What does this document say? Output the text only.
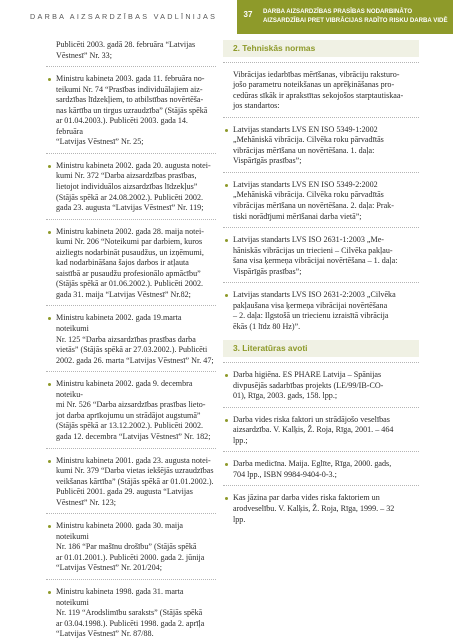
DARBA AIZSARDZĪBAS VADLĪNIJAS	37	DARBA AIZSARDZĪBAS PRASĪBAS NODARBINĀTO
AIZSARDZĪBAI PRET VIBRĀCIJAS RADĪTO RISKU DARBA VIDĒ
Publicēti 2003. gadā 28. februāra “Latvijas
Vēstnesī” Nr. 33;
Ministru kabineta 2003. gada 11. februāra no-
teikumi Nr. 74 “Prasības individuālajiem aiz-
sardzības līdzekļiem, to atbilstības novērtēša-
nas kārtība un tirgus uzraudzība” (Stājās spēkā
ar 01.04.2003.). Publicēti 2003. gada 14. februāra
“Latvijas Vēstnesī” Nr. 25;
Ministru kabineta 2002. gada 20. augusta notei-
kumi Nr. 372 “Darba aizsardzības prasības,
lietojot individuālos aizsardzības līdzekļus”
(Stājās spēkā ar 24.08.2002.). Publicēti 2002.
gada 23. augusta “Latvijas Vēstnesī” Nr. 119;
Ministru kabineta 2002. gada 28. maija notei-
kumi Nr. 206 “Noteikumi par darbiem, kuros
aizliegts nodarbināt pusaudžus, un izņēmumi,
kad nodarbināšana šajos darbos ir atļauta
saistībā ar pusaudžu profesionālo apmācību”
(Stājās spēkā ar 01.06.2002.). Publicēti 2002.
gada 31. maija “Latvijas Vēstnesī” Nr.82;
Ministru kabineta 2002. gada 19.marta noteikumi
Nr. 125 “Darba aizsardzības prasības darba
vietās” (Stājās spēkā ar 27.03.2002.). Publicēti
2002. gada 26. marta “Latvijas Vēstnesī” Nr. 47;
Ministru kabineta 2002. gada 9. decembra noteiku-
mi Nr. 526 “Darba aizsardzības prasības lieto-
jot darba aprīkojumu un strādājot augstumā”
(Stājās spēkā ar 13.12.2002.). Publicēti 2002.
gada 12. decembra “Latvijas Vēstnesī” Nr. 182;
Ministru kabineta 2001. gada 23. augusta notei-
kumi Nr. 379 “Darba vietas iekšējās uzraudzības
veikšanas kārtība” (Stājās spēkā ar 01.01.2002.).
Publicēti 2001. gada 29. augusta “Latvijas
Vēstnesī” Nr. 123;
Ministru kabineta 2000. gada 30. maija noteikumi
Nr. 186 “Par mašīnu drošību” (Stājās spēkā
ar 01.01.2001.). Publicēti 2000. gada 2. jūnija
“Latvijas Vēstnesī” Nr. 201/204;
Ministru kabineta 1998. gada 31. marta noteikumi
Nr. 119 “Arodslimību saraksts” (Stājās spēkā
ar 03.04.1998.). Publicēti 1998. gada 2. aprīļa
“Latvijas Vēstnesī” Nr. 87/88.
2. Tehniskās normas
Vibrācijas iedarbības mērīšanas, vibrāciju raksturo-
jošo parametru noteikšanas un aprēķināšanas pro-
cedūras sīkāk ir aprakstītas sekojošos starptautiskaa-
jos standartos:
Latvijas standarts LVS EN ISO 5349-1:2002
„Mehāniskā vibrācija. Cilvēka roku pārvadītās
vibrācijas mērīšana un novērtēšana. 1. daļa:
Vispārīgās prasības”;
Latvijas standarts LVS EN ISO 5349-2:2002
„Mehāniskā vibrācija. Cilvēka roku pārvadītās
vibrācijas mērīšana un novērtēšana. 2. daļa: Prak-
tiski norādījumi mērīšanai darba vietā”;
Latvijas standarts LVS ISO 2631-1:2003 „Me-
hāniskās vibrācijas un triecieni – Cilvēka pakļau-
šana visa ķermeņa vibrācijai novērtēšana – 1. daļa:
Vispārīgās prasības”;
Latvijas standarts LVS ISO 2631-2:2003 „Cilvēka
pakļaušana visa ķermeņa vibrācijai novērtēšana
– 2. daļa: Ilgstošā un triecienu izraisītā vibrācija
ēkās (1 līdz 80 Hz)”.
3. Literatūras avoti
Darba higiēna. ES PHARE Latvija – Spānijas
divpusējās sadarbības projekts (LE/99/IB-CO-
01), Rīga, 2003. gads, 158. lpp.;
Darba vides riska faktori un strādājošo veselības
aizsardzība. V. Kalķis, Ž. Roja, Rīga, 2001. – 464
lpp.;
Darba medicīna. Maija. Eglīte, Rīga, 2000. gads,
704 lpp., ISBN 9984-9404-0-3.;
Kas jāzina par darba vides riska faktoriem un
arodveselību. V. Kalķis, Ž. Roja, Rīga, 1999. – 32
lpp.
